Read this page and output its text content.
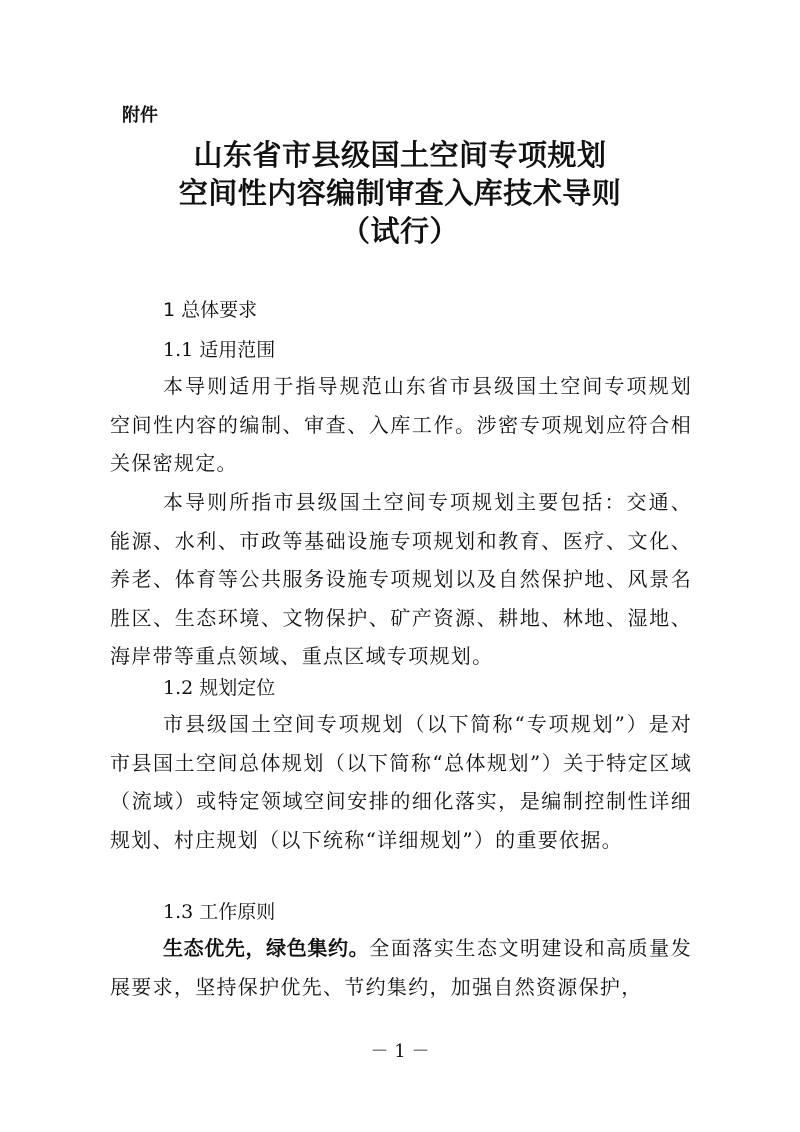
附件
山东省市县级国土空间专项规划
空间性内容编制审查入库技术导则
（试行）
1 总体要求
1.1 适用范围

本导则适用于指导规范山东省市县级国土空间专项规划空间性内容的编制、审查、入库工作。涉密专项规划应符合相关保密规定。

本导则所指市县级国土空间专项规划主要包括：交通、能源、水利、市政等基础设施专项规划和教育、医疗、文化、养老、体育等公共服务设施专项规划以及自然保护地、风景名胜区、生态环境、文物保护、矿产资源、耕地、林地、湿地、海岸带等重点领域、重点区域专项规划。

1.2 规划定位

市县级国土空间专项规划（以下简称“专项规划”）是对市县国土空间总体规划（以下简称“总体规划”）关于特定区域（流域）或特定领域空间安排的细化落实，是编制控制性详细规划、村庄规划（以下统称“详细规划”）的重要依据。

1.3 工作原则

生态优先，绿色集约。全面落实生态文明建设和高质量发展要求，坚持保护优先、节约集约，加强自然资源保护，

－ 1 －
